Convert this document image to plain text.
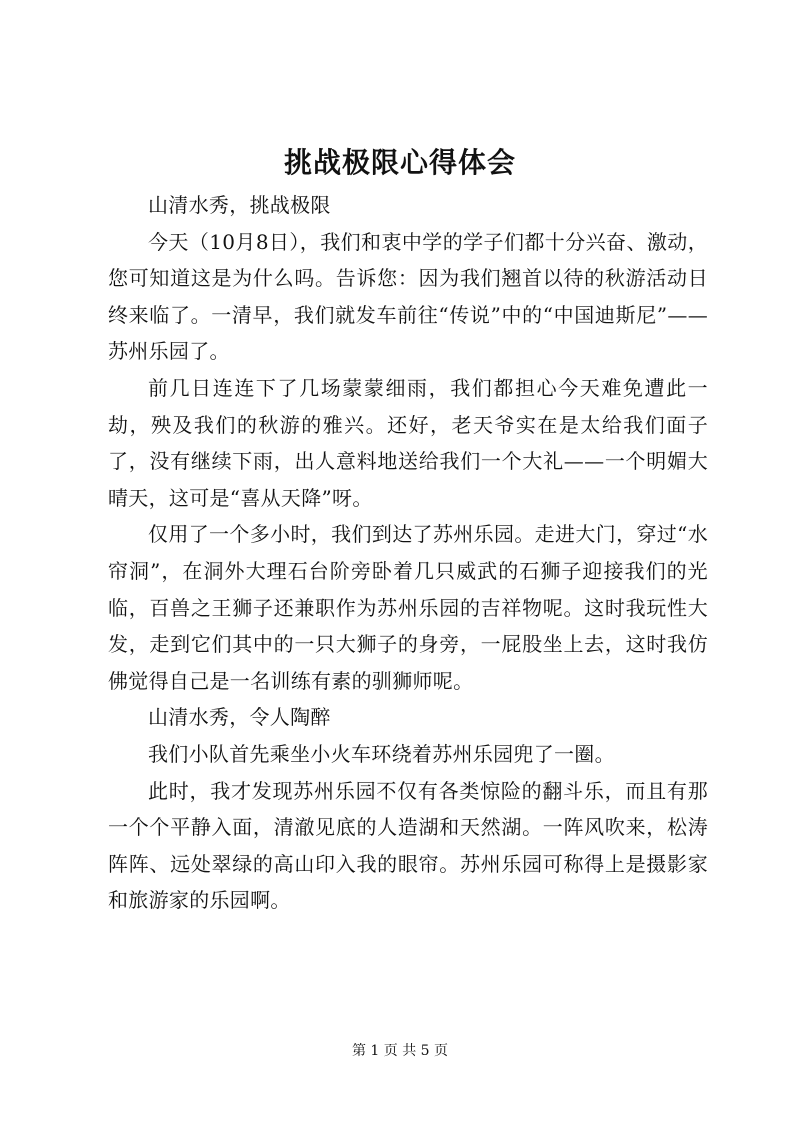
挑战极限心得体会

山清水秀，挑战极限

今天（10月8日），我们和衷中学的学子们都十分兴奋、激动，您可知道这是为什么吗。告诉您：因为我们翘首以待的秋游活动日终来临了。一清早，我们就发车前往“传说”中的“中国迪斯尼”——苏州乐园了。

前几日连连下了几场蒙蒙细雨，我们都担心今天难免遭此一劫，殃及我们的秋游的雅兴。还好，老天爷实在是太给我们面子了，没有继续下雨，出人意料地送给我们一个大礼——一个明媚大晴天，这可是“喜从天降”呀。

仅用了一个多小时，我们到达了苏州乐园。走进大门，穿过“水帘洞”，在洞外大理石台阶旁卧着几只威武的石狮子迎接我们的光临，百兽之王狮子还兼职作为苏州乐园的吉祥物呢。这时我玩性大发，走到它们其中的一只大狮子的身旁，一屁股坐上去，这时我仿佛觉得自己是一名训练有素的驯狮师呢。

山清水秀，令人陶醉

我们小队首先乘坐小火车环绕着苏州乐园兜了一圈。

此时，我才发现苏州乐园不仅有各类惊险的翻斗乐，而且有那一个个平静入面，清澈见底的人造湖和天然湖。一阵风吹来，松涛阵阵、远处翠绿的高山印入我的眼帘。苏州乐园可称得上是摄影家和旅游家的乐园啊。

第 1 页 共 5 页
